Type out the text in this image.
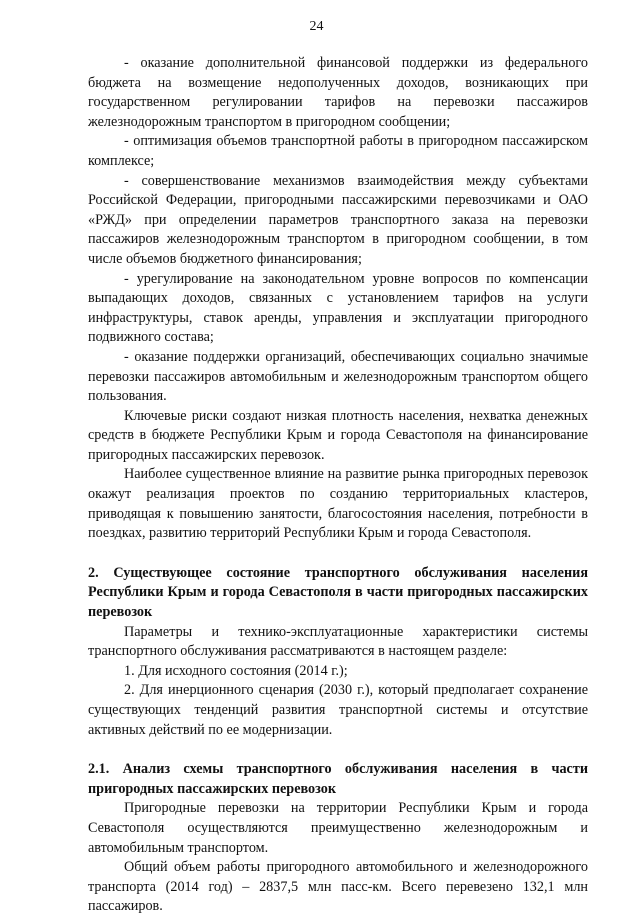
24

- оказание дополнительной финансовой поддержки из федерального бюджета на возмещение недополученных доходов, возникающих при государственном регулировании тарифов на перевозки пассажиров железнодорожным транспортом в пригородном сообщении;

- оптимизация объемов транспортной работы в пригородном пассажирском комплексе;

- совершенствование механизмов взаимодействия между субъектами Российской Федерации, пригородными пассажирскими перевозчиками и ОАО «РЖД» при определении параметров транспортного заказа на перевозки пассажиров железнодорожным транспортом в пригородном сообщении, в том числе объемов бюджетного финансирования;

- урегулирование на законодательном уровне вопросов по компенсации выпадающих доходов, связанных с установлением тарифов на услуги инфраструктуры, ставок аренды, управления и эксплуатации пригородного подвижного состава;

- оказание поддержки организаций, обеспечивающих социально значимые перевозки пассажиров автомобильным и железнодорожным транспортом общего пользования.

Ключевые риски создают низкая плотность населения, нехватка денежных средств в бюджете Республики Крым и города Севастополя на финансирование пригородных пассажирских перевозок.

Наиболее существенное влияние на развитие рынка пригородных перевозок окажут реализация проектов по созданию территориальных кластеров, приводящая к повышению занятости, благосостояния населения, потребности в поездках, развитию территорий Республики Крым и города Севастополя.

2. Существующее состояние транспортного обслуживания населения Республики Крым и города Севастополя в части пригородных пассажирских перевозок

Параметры и технико-эксплуатационные характеристики системы транспортного обслуживания рассматриваются в настоящем разделе:

1. Для исходного состояния (2014 г.);

2. Для инерционного сценария (2030 г.), который предполагает сохранение существующих тенденций развития транспортной системы и отсутствие активных действий по ее модернизации.

2.1. Анализ схемы транспортного обслуживания населения в части пригородных пассажирских перевозок

Пригородные перевозки на территории Республики Крым и города Севастополя осуществляются преимущественно железнодорожным и автомобильным транспортом.

Общий объем работы пригородного автомобильного и железнодорожного транспорта (2014 год) – 2837,5 млн пасс-км. Всего перевезено 132,1 млн пассажиров.
